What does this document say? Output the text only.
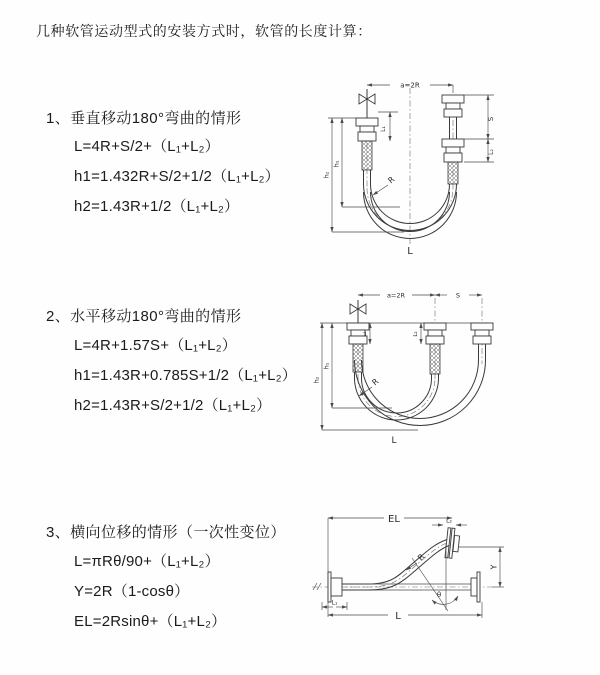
几种软管运动型式的安装方式时，软管的长度计算：
1、垂直移动180°弯曲的情形
L=4R+S/2+（L₁+L₂）
h1=1.432R+S/2+1/2（L₁+L₂）
h2=1.43R+1/2（L₁+L₂）
2、水平移动180°弯曲的情形
L=4R+1.57S+（L₁+L₂）
h1=1.43R+0.785S+1/2（L₁+L₂）
h2=1.43R+S/2+1/2（L₁+L₂）
3、横向位移的情形（一次性变位）
L=πRθ/90+（L₁+L₂）
Y=2R（1-cosθ）
EL=2Rsinθ+（L₁+L₂）
a=2R
L₁
h₁
h₂
S
L₂
R
L
a=2R	S
L₁	L₂
h₁
h₂	R
L
EL	L₂
R
θ
Y
L₁
L
